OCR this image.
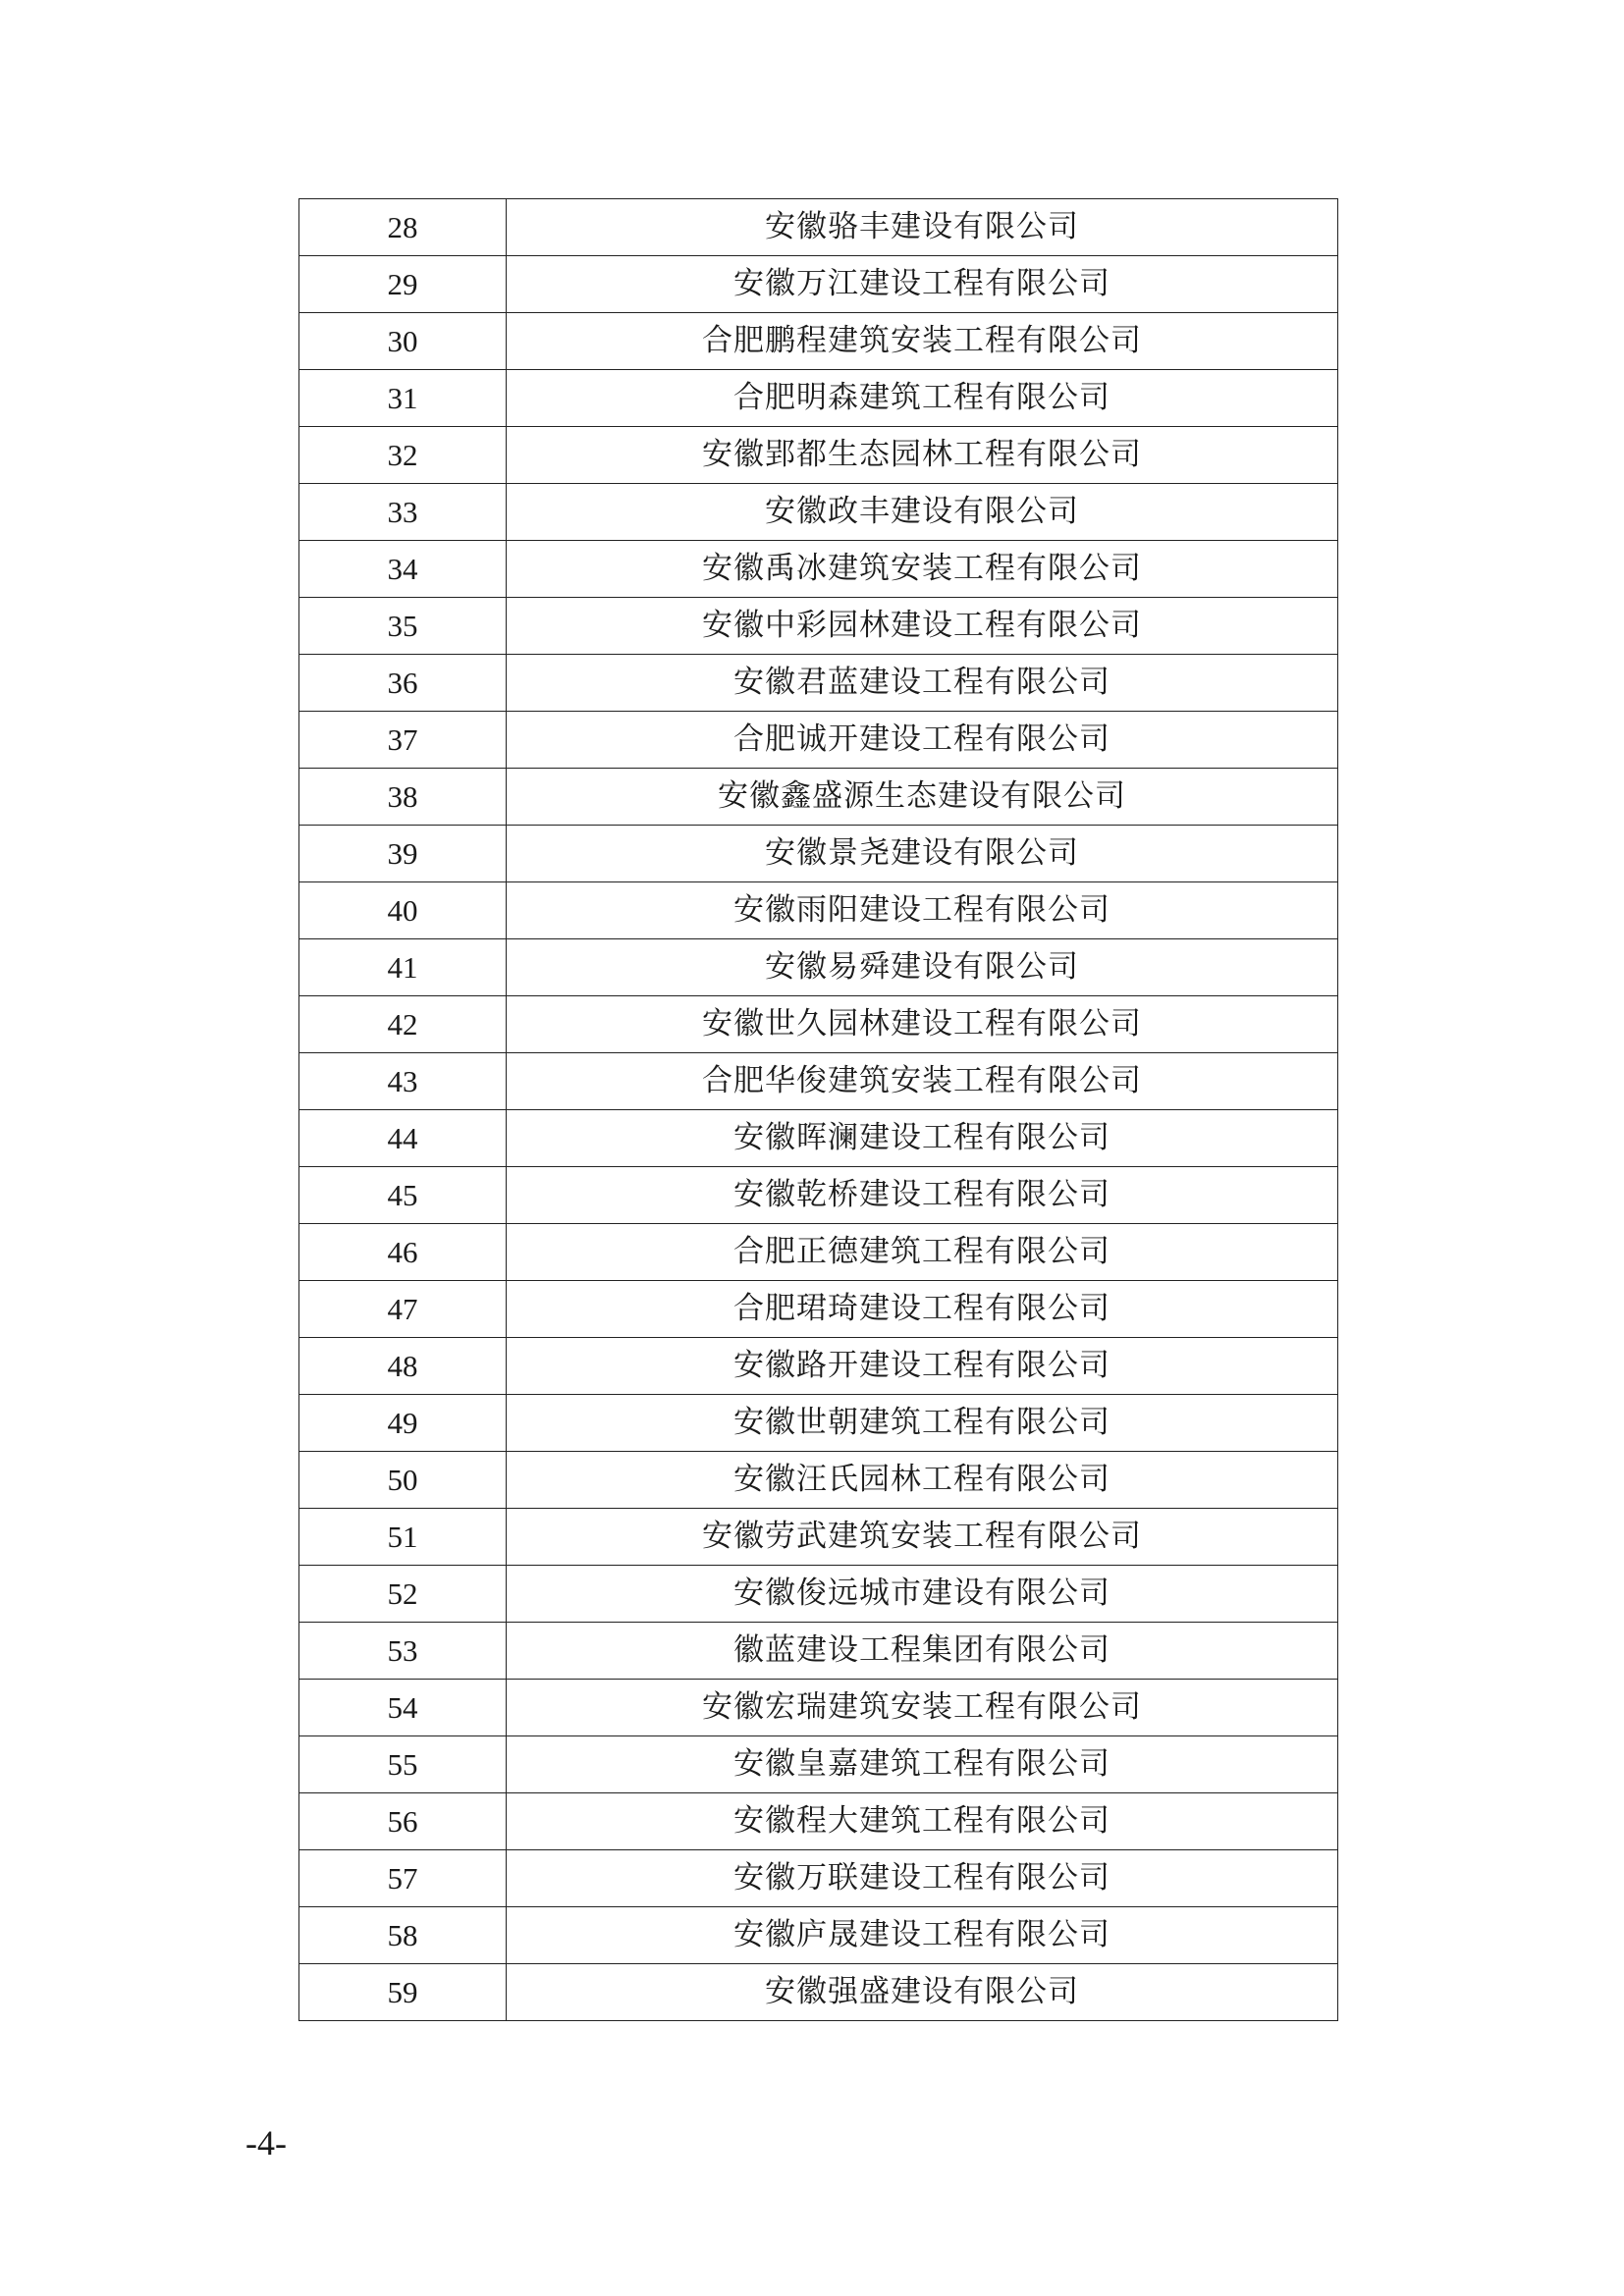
28	安徽骆丰建设有限公司
29	安徽万江建设工程有限公司
30	合肥鹏程建筑安装工程有限公司
31	合肥明森建筑工程有限公司
32	安徽郢都生态园林工程有限公司
33	安徽政丰建设有限公司
34	安徽禹冰建筑安装工程有限公司
35	安徽中彩园林建设工程有限公司
36	安徽君蓝建设工程有限公司
37	合肥诚开建设工程有限公司
38	安徽鑫盛源生态建设有限公司
39	安徽景尧建设有限公司
40	安徽雨阳建设工程有限公司
41	安徽易舜建设有限公司
42	安徽世久园林建设工程有限公司
43	合肥华俊建筑安装工程有限公司
44	安徽晖澜建设工程有限公司
45	安徽乾桥建设工程有限公司
46	合肥正德建筑工程有限公司
47	合肥珺琦建设工程有限公司
48	安徽路开建设工程有限公司
49	安徽世朝建筑工程有限公司
50	安徽汪氏园林工程有限公司
51	安徽劳武建筑安装工程有限公司
52	安徽俊远城市建设有限公司
53	徽蓝建设工程集团有限公司
54	安徽宏瑞建筑安装工程有限公司
55	安徽皇嘉建筑工程有限公司
56	安徽程大建筑工程有限公司
57	安徽万联建设工程有限公司
58	安徽庐晟建设工程有限公司
59	安徽强盛建设有限公司
-4-
